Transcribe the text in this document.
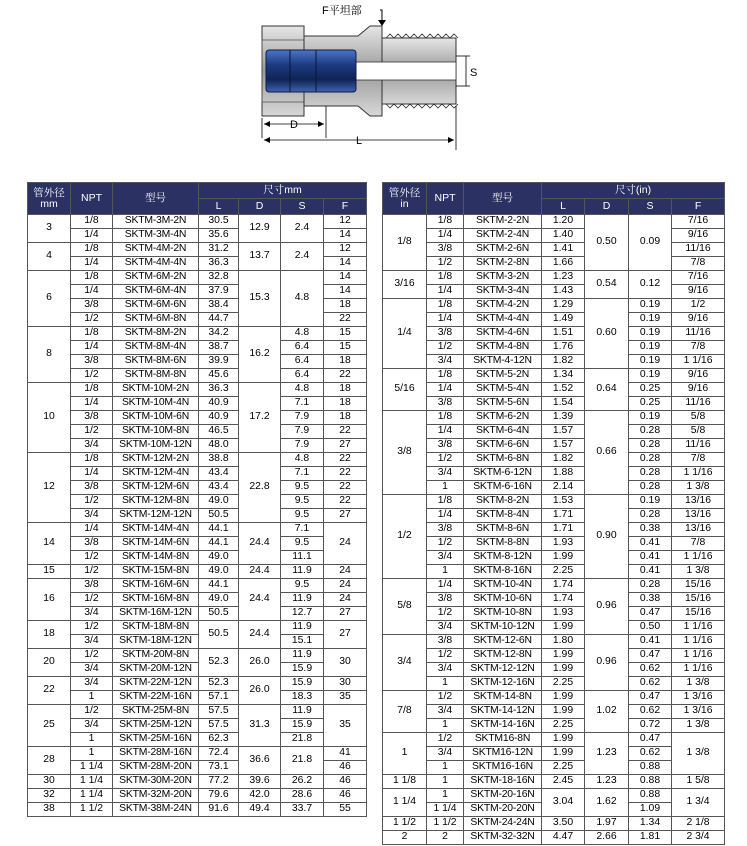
F平坦部
S
D
L
管外径
mm	NPT	型号	尺寸mm			
			L	D	S	F
3	1/8	SKTM-3M-2N	30.5	12.9	2.4	12
	1/4	SKTM-3M-4N	35.6			14
4	1/8	SKTM-4M-2N	31.2	13.7	2.4	12
	1/4	SKTM-4M-4N	36.3			14
6	1/8	SKTM-6M-2N	32.8	15.3	4.8	14
	1/4	SKTM-6M-4N	37.9			14
	3/8	SKTM-6M-6N	38.4			18
	1/2	SKTM-6M-8N	44.7			22
8	1/8	SKTM-8M-2N	34.2	16.2	4.8	15
	1/4	SKTM-8M-4N	38.7		6.4	15
	3/8	SKTM-8M-6N	39.9		6.4	18
	1/2	SKTM-8M-8N	45.6		6.4	22
10	1/8	SKTM-10M-2N	36.3	17.2	4.8	18
	1/4	SKTM-10M-4N	40.9		7.1	18
	3/8	SKTM-10M-6N	40.9		7.9	18
	1/2	SKTM-10M-8N	46.5		7.9	22
	3/4	SKTM-10M-12N	48.0		7.9	27
12	1/8	SKTM-12M-2N	38.8	22.8	4.8	22
	1/4	SKTM-12M-4N	43.4		7.1	22
	3/8	SKTM-12M-6N	43.4		9.5	22
	1/2	SKTM-12M-8N	49.0		9.5	22
	3/4	SKTM-12M-12N	50.5		9.5	27
14	1/4	SKTM-14M-4N	44.1	24.4	7.1	24
	3/8	SKTM-14M-6N	44.1		9.5	
	1/2	SKTM-14M-8N	49.0		11.1	
15	1/2	SKTM-15M-8N	49.0	24.4	11.9	24
16	3/8	SKTM-16M-6N	44.1	24.4	9.5	24
	1/2	SKTM-16M-8N	49.0		11.9	24
	3/4	SKTM-16M-12N	50.5		12.7	27
18	1/2	SKTM-18M-8N	50.5	24.4	11.9	27
	3/4	SKTM-18M-12N			15.1	
20	1/2	SKTM-20M-8N	52.3	26.0	11.9	30
	3/4	SKTM-20M-12N			15.9	
22	3/4	SKTM-22M-12N	52.3	26.0	15.9	30
	1	SKTM-22M-16N	57.1		18.3	35
25	1/2	SKTM-25M-8N	57.5	31.3	11.9	35
	3/4	SKTM-25M-12N	57.5		15.9	
	1	SKTM-25M-16N	62.3		21.8	
28	1	SKTM-28M-16N	72.4	36.6	21.8	41
	1 1/4	SKTM-28M-20N	73.1			46
30	1 1/4	SKTM-30M-20N	77.2	39.6	26.2	46
32	1 1/4	SKTM-32M-20N	79.6	42.0	28.6	46
38	1 1/2	SKTM-38M-24N	91.6	49.4	33.7	55
管外径
in	NPT	型号	尺寸(in)			
			L	D	S	F
1/8	1/8	SKTM-2-2N	1.20	0.50	0.09	7/16
	1/4	SKTM-2-4N	1.40			9/16
	3/8	SKTM-2-6N	1.41			11/16
	1/2	SKTM-2-8N	1.66			7/8
3/16	1/8	SKTM-3-2N	1.23	0.54	0.12	7/16
	1/4	SKTM-3-4N	1.43			9/16
1/4	1/8	SKTM-4-2N	1.29	0.60	0.19	1/2
	1/4	SKTM-4-4N	1.49		0.19	9/16
	3/8	SKTM-4-6N	1.51		0.19	11/16
	1/2	SKTM-4-8N	1.76		0.19	7/8
	3/4	SKTM-4-12N	1.82		0.19	1 1/16
5/16	1/8	SKTM-5-2N	1.34	0.64	0.19	9/16
	1/4	SKTM-5-4N	1.52		0.25	9/16
	3/8	SKTM-5-6N	1.54		0.25	11/16
3/8	1/8	SKTM-6-2N	1.39	0.66	0.19	5/8
	1/4	SKTM-6-4N	1.57		0.28	5/8
	3/8	SKTM-6-6N	1.57		0.28	11/16
	1/2	SKTM-6-8N	1.82		0.28	7/8
	3/4	SKTM-6-12N	1.88		0.28	1 1/16
	1	SKTM-6-16N	2.14		0.28	1 3/8
1/2	1/8	SKTM-8-2N	1.53	0.90	0.19	13/16
	1/4	SKTM-8-4N	1.71		0.28	13/16
	3/8	SKTM-8-6N	1.71		0.38	13/16
	1/2	SKTM-8-8N	1.93		0.41	7/8
	3/4	SKTM-8-12N	1.99		0.41	1 1/16
	1	SKTM-8-16N	2.25		0.41	1 3/8
5/8	1/4	SKTM-10-4N	1.74	0.96	0.28	15/16
	3/8	SKTM-10-6N	1.74		0.38	15/16
	1/2	SKTM-10-8N	1.93		0.47	15/16
	3/4	SKTM-10-12N	1.99		0.50	1 1/16
3/4	3/8	SKTM-12-6N	1.80	0.96	0.41	1 1/16
	1/2	SKTM-12-8N	1.99		0.47	1 1/16
	3/4	SKTM-12-12N	1.99		0.62	1 1/16
	1	SKTM-12-16N	2.25		0.62	1 3/8
7/8	1/2	SKTM-14-8N	1.99	1.02	0.47	1 3/16
	3/4	SKTM-14-12N	1.99		0.62	1 3/16
	1	SKTM-14-16N	2.25		0.72	1 3/8
1	1/2	SKTM16-8N	1.99	1.23	0.47	1 3/8
	3/4	SKTM16-12N	1.99		0.62	
	1	SKTM16-16N	2.25		0.88	
1 1/8	1	SKTM-18-16N	2.45	1.23	0.88	1 5/8
1 1/4	1	SKTM-20-16N	3.04	1.62	0.88	1 3/4
	1 1/4	SKTM-20-20N			1.09	
1 1/2	1 1/2	SKTM-24-24N	3.50	1.97	1.34	2 1/8
2	2	SKTM-32-32N	4.47	2.66	1.81	2 3/4
